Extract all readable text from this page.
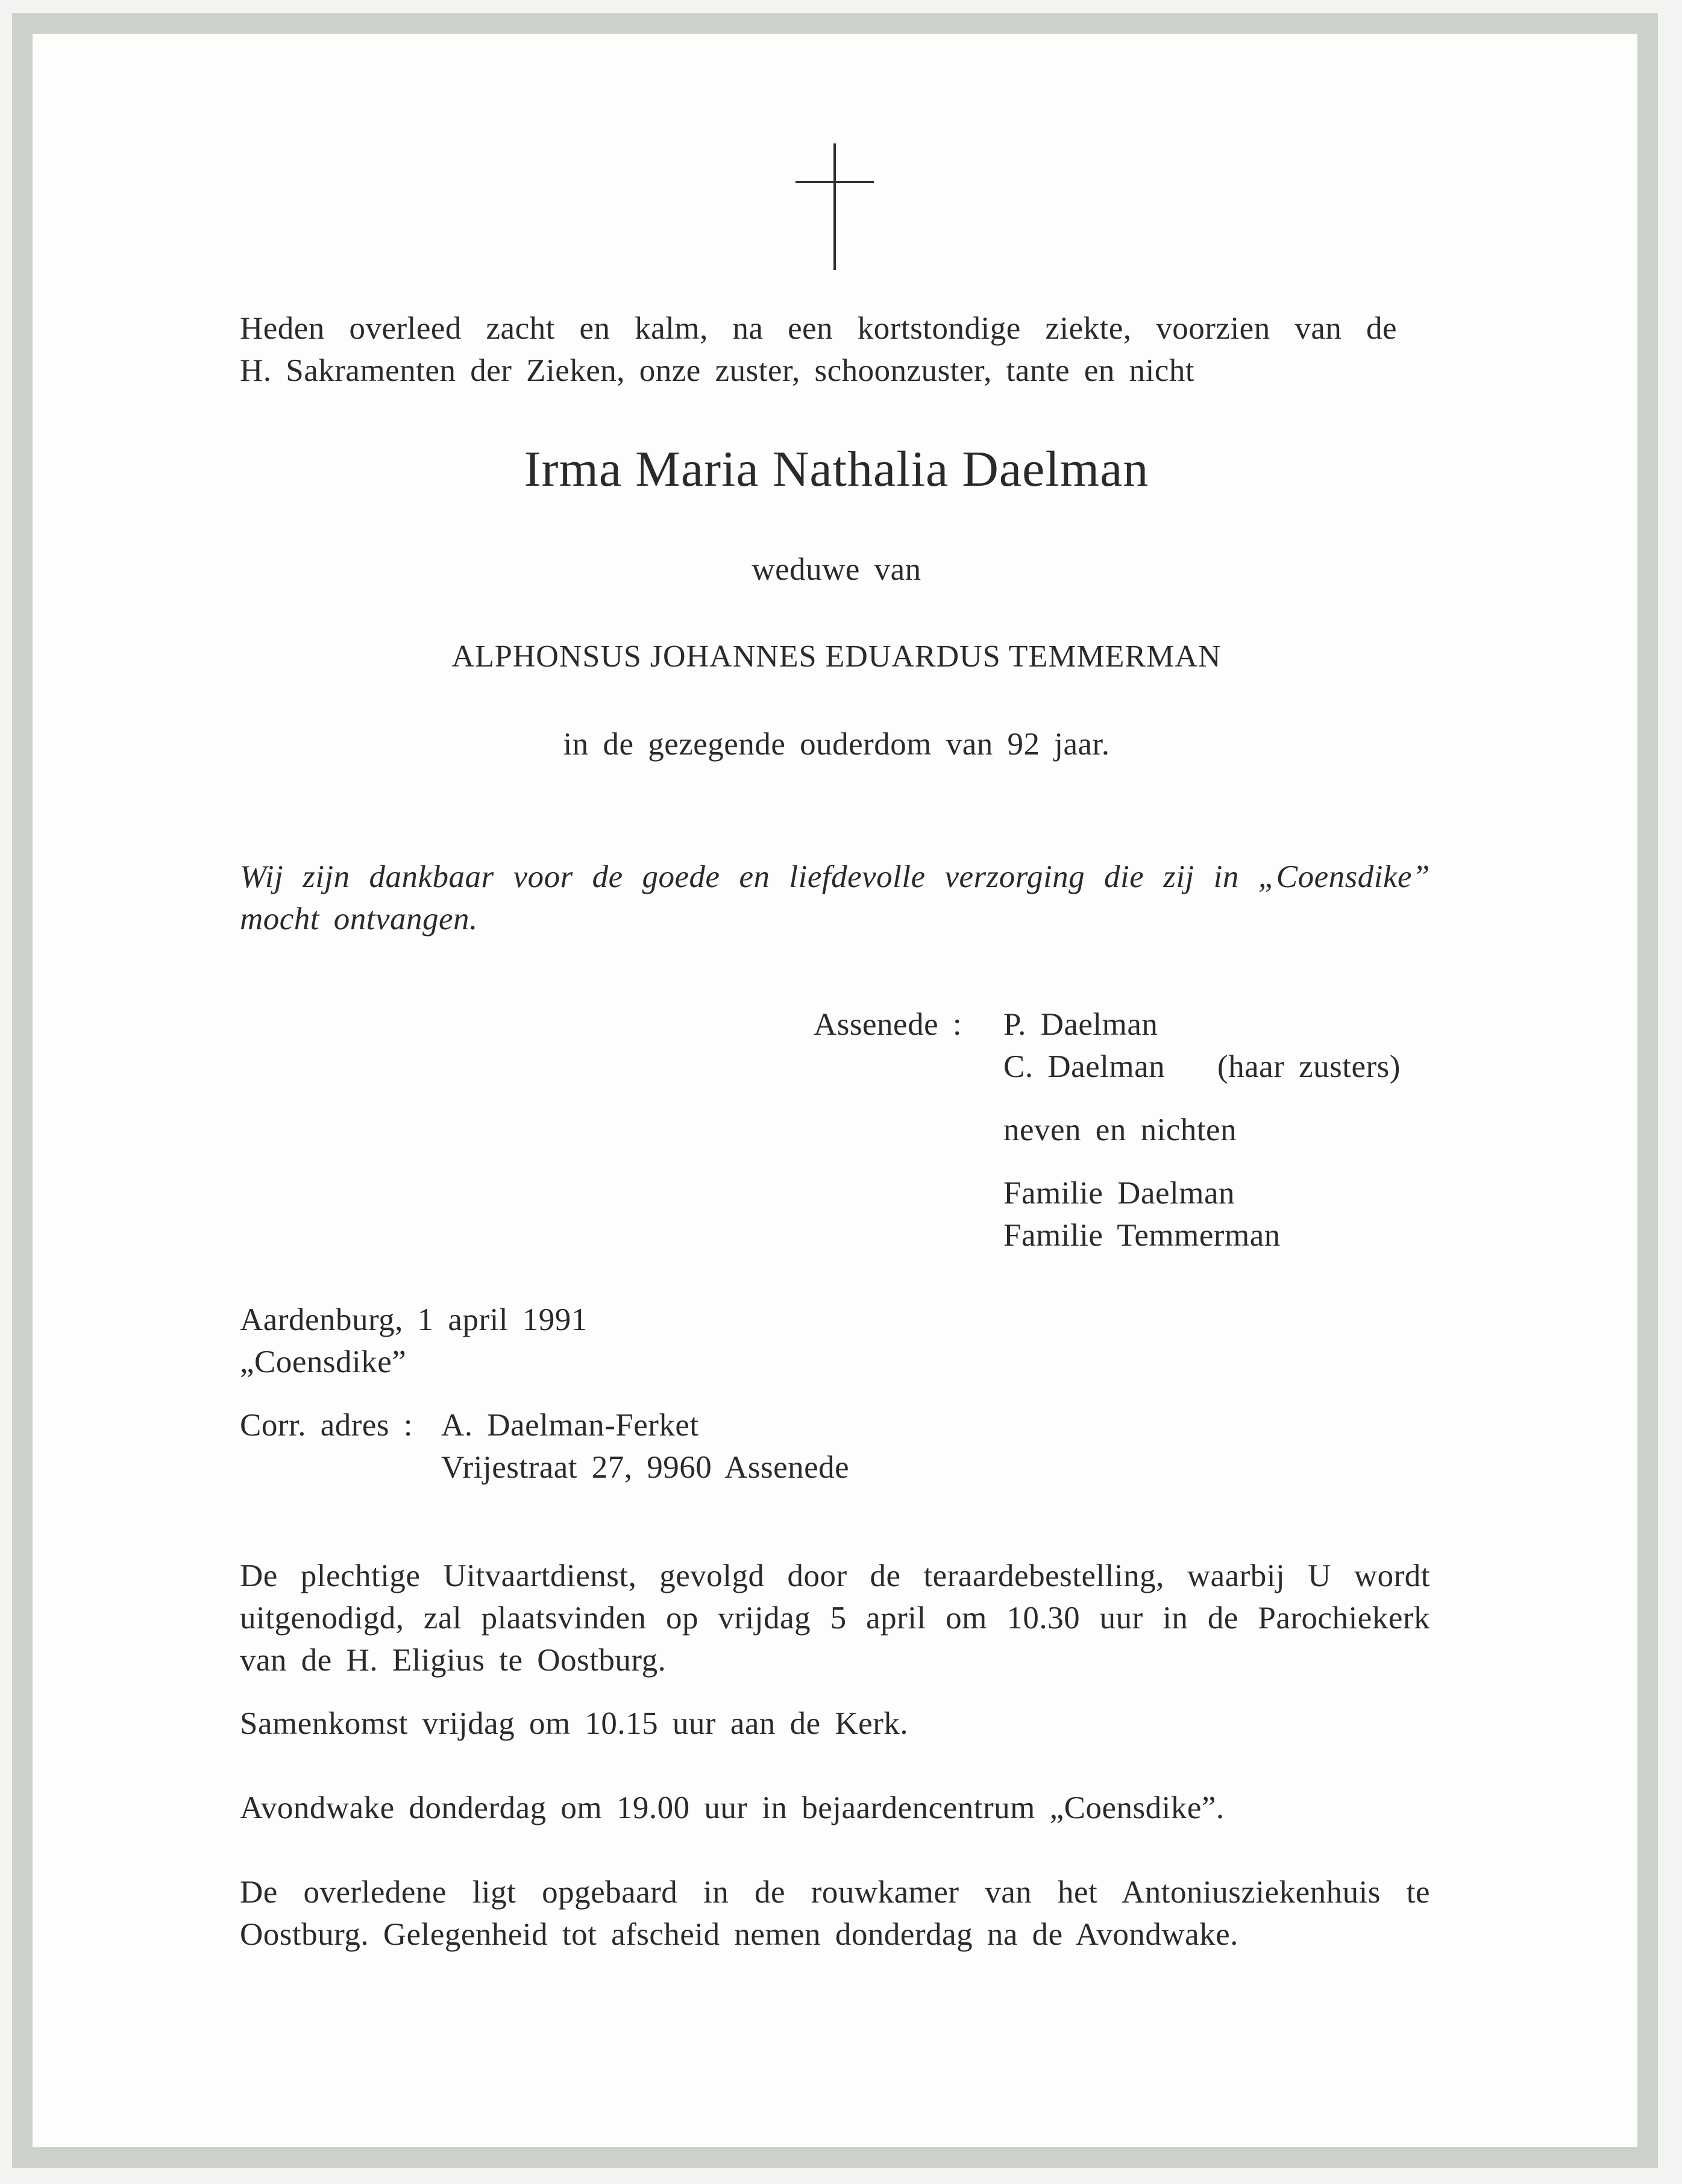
Heden overleed zacht en kalm, na een kortstondige ziekte, voorzien van de
H. Sakramenten der Zieken, onze zuster, schoonzuster, tante en nicht
Irma Maria Nathalia Daelman
weduwe van
ALPHONSUS JOHANNES EDUARDUS TEMMERMAN
in de gezegende ouderdom van 92 jaar.
Wij zijn dankbaar voor de goede en liefdevolle verzorging die zij in „Coensdike”
mocht ontvangen.
Assenede : P. Daelman
C. Daelman (haar zusters)
neven en nichten
Familie Daelman
Familie Temmerman
Aardenburg, 1 april 1991
„Coensdike”
Corr. adres : A. Daelman-Ferket
Vrijestraat 27, 9960 Assenede
De plechtige Uitvaartdienst, gevolgd door de teraardebestelling, waarbij U wordt
uitgenodigd, zal plaatsvinden op vrijdag 5 april om 10.30 uur in de Parochiekerk
van de H. Eligius te Oostburg.
Samenkomst vrijdag om 10.15 uur aan de Kerk.
Avondwake donderdag om 19.00 uur in bejaardencentrum „Coensdike”.
De overledene ligt opgebaard in de rouwkamer van het Antoniusziekenhuis te
Oostburg. Gelegenheid tot afscheid nemen donderdag na de Avondwake.
